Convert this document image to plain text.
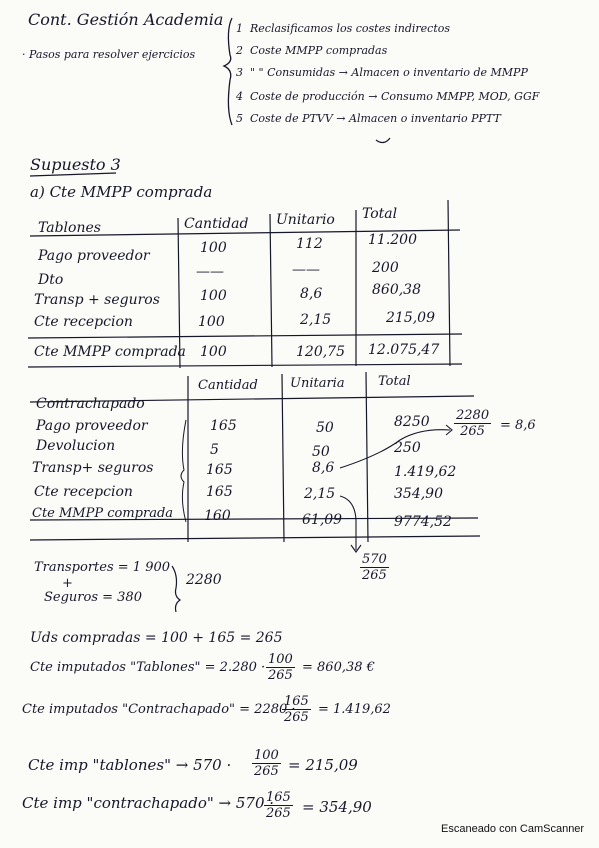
Cont. Gestión Academia
· Pasos para resolver ejercicios
1 Reclasificamos los costes indirectos
2 Coste MMPP compradas
3 " " Consumidas → Almacen o inventario de MMPP
4 Coste de producción → Consumo MMPP, MOD, GGF
5 Coste de PTVV → Almacen o inventario PPTT
Supuesto 3
a) Cte MMPP comprada
Tablones	Cantidad Unitario Total
Pago proveedor	100	112	11.200
Dto	——	——	200
Transp + seguros	100	8,6	860,38
Cte recepcion	100	2,15	215,09
Cte MMPP comprada 100	120,75 12.075,47
Contrachapado
Cantidad Unitaria	Total
Pago proveedor	165	50	8250
Devolucion	5	50	250
Transp+ seguros	165	8,6	1.419,62
Cte recepcion	165	2,15	354,90
Cte MMPP comprada 160	61,09	9774,52
$\frac{2280}{265} = 8,6$
$\frac{570}{265}$
Transportes = 1 900
+
Seguros = 380
2280
Uds compradas = 100 + 165 = 265
Cte imputados "Tablones" = $2.280 \cdot \frac{100}{265} = 860,38$ €
Cte imputados "Contrachapado" = 2280 ·
$\frac{165}{265} = 1.419,62$
Cte imp "tablones" → $570 \cdot \frac{100}{265} = 215,09$
Cte imp "contrachapado" → 570 ·
$\frac{165}{265} = 354,90$
Escaneado con CamScanner
